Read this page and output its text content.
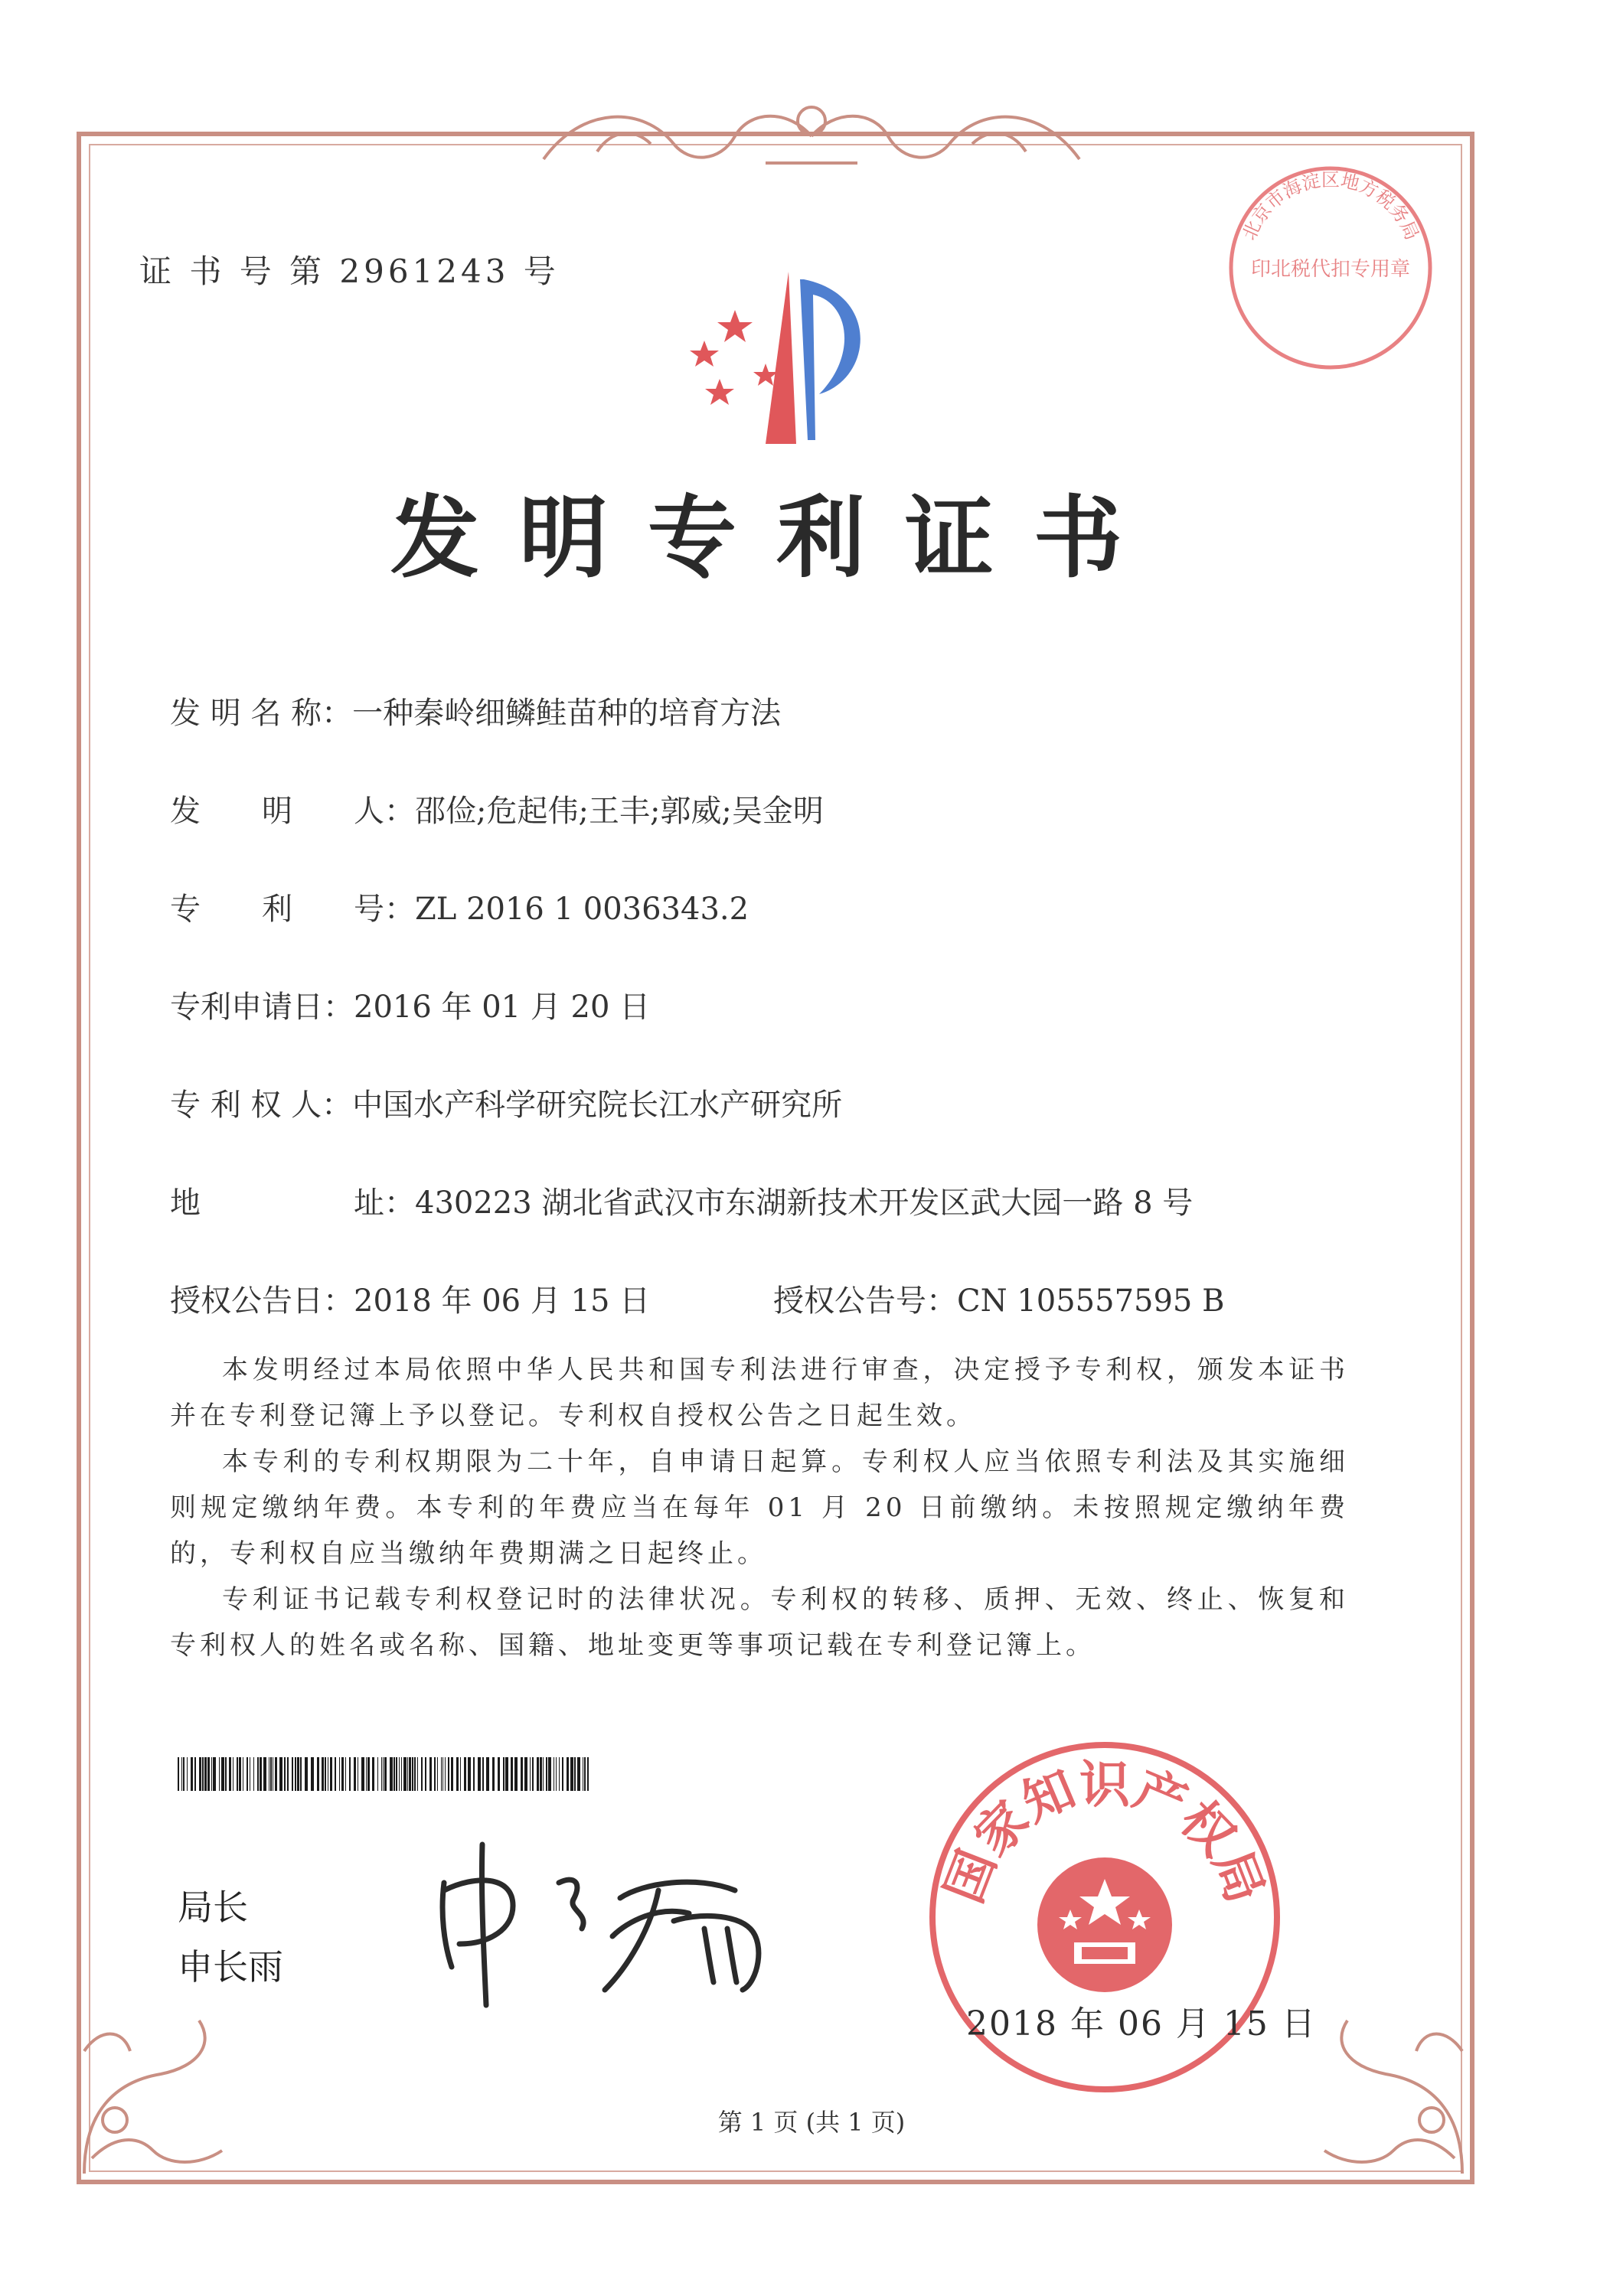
证 书 号 第 2961243 号
发明专利证书
发 明 名 称：一种秦岭细鳞鲑苗种的培育方法
发　　明　　人：邵俭;危起伟;王丰;郭威;吴金明
专　　利　　号：ZL 2016 1 0036343.2
专利申请日：2016 年 01 月 20 日
专 利 权 人：中国水产科学研究院长江水产研究所
地　　　　　址：430223 湖北省武汉市东湖新技术开发区武大园一路 8 号
授权公告日：2018 年 06 月 15 日	授权公告号：CN 105557595 B

本发明经过本局依照中华人民共和国专利法进行审查，决定授予专利权，颁发本证书并在专利登记簿上予以登记。专利权自授权公告之日起生效。

本专利的专利权期限为二十年，自申请日起算。专利权人应当依照专利法及其实施细则规定缴纳年费。本专利的年费应当在每年 01 月 20 日前缴纳。未按照规定缴纳年费的，专利权自应当缴纳年费期满之日起终止。

专利证书记载专利权登记时的法律状况。专利权的转移、质押、无效、终止、恢复和专利权人的姓名或名称、国籍、地址变更等事项记载在专利登记簿上。

局长
申长雨
国家知识产权局
2018 年 06 月 15 日
北京市海淀区地方税务局
印北税代扣专用章
第 1 页 (共 1 页)
